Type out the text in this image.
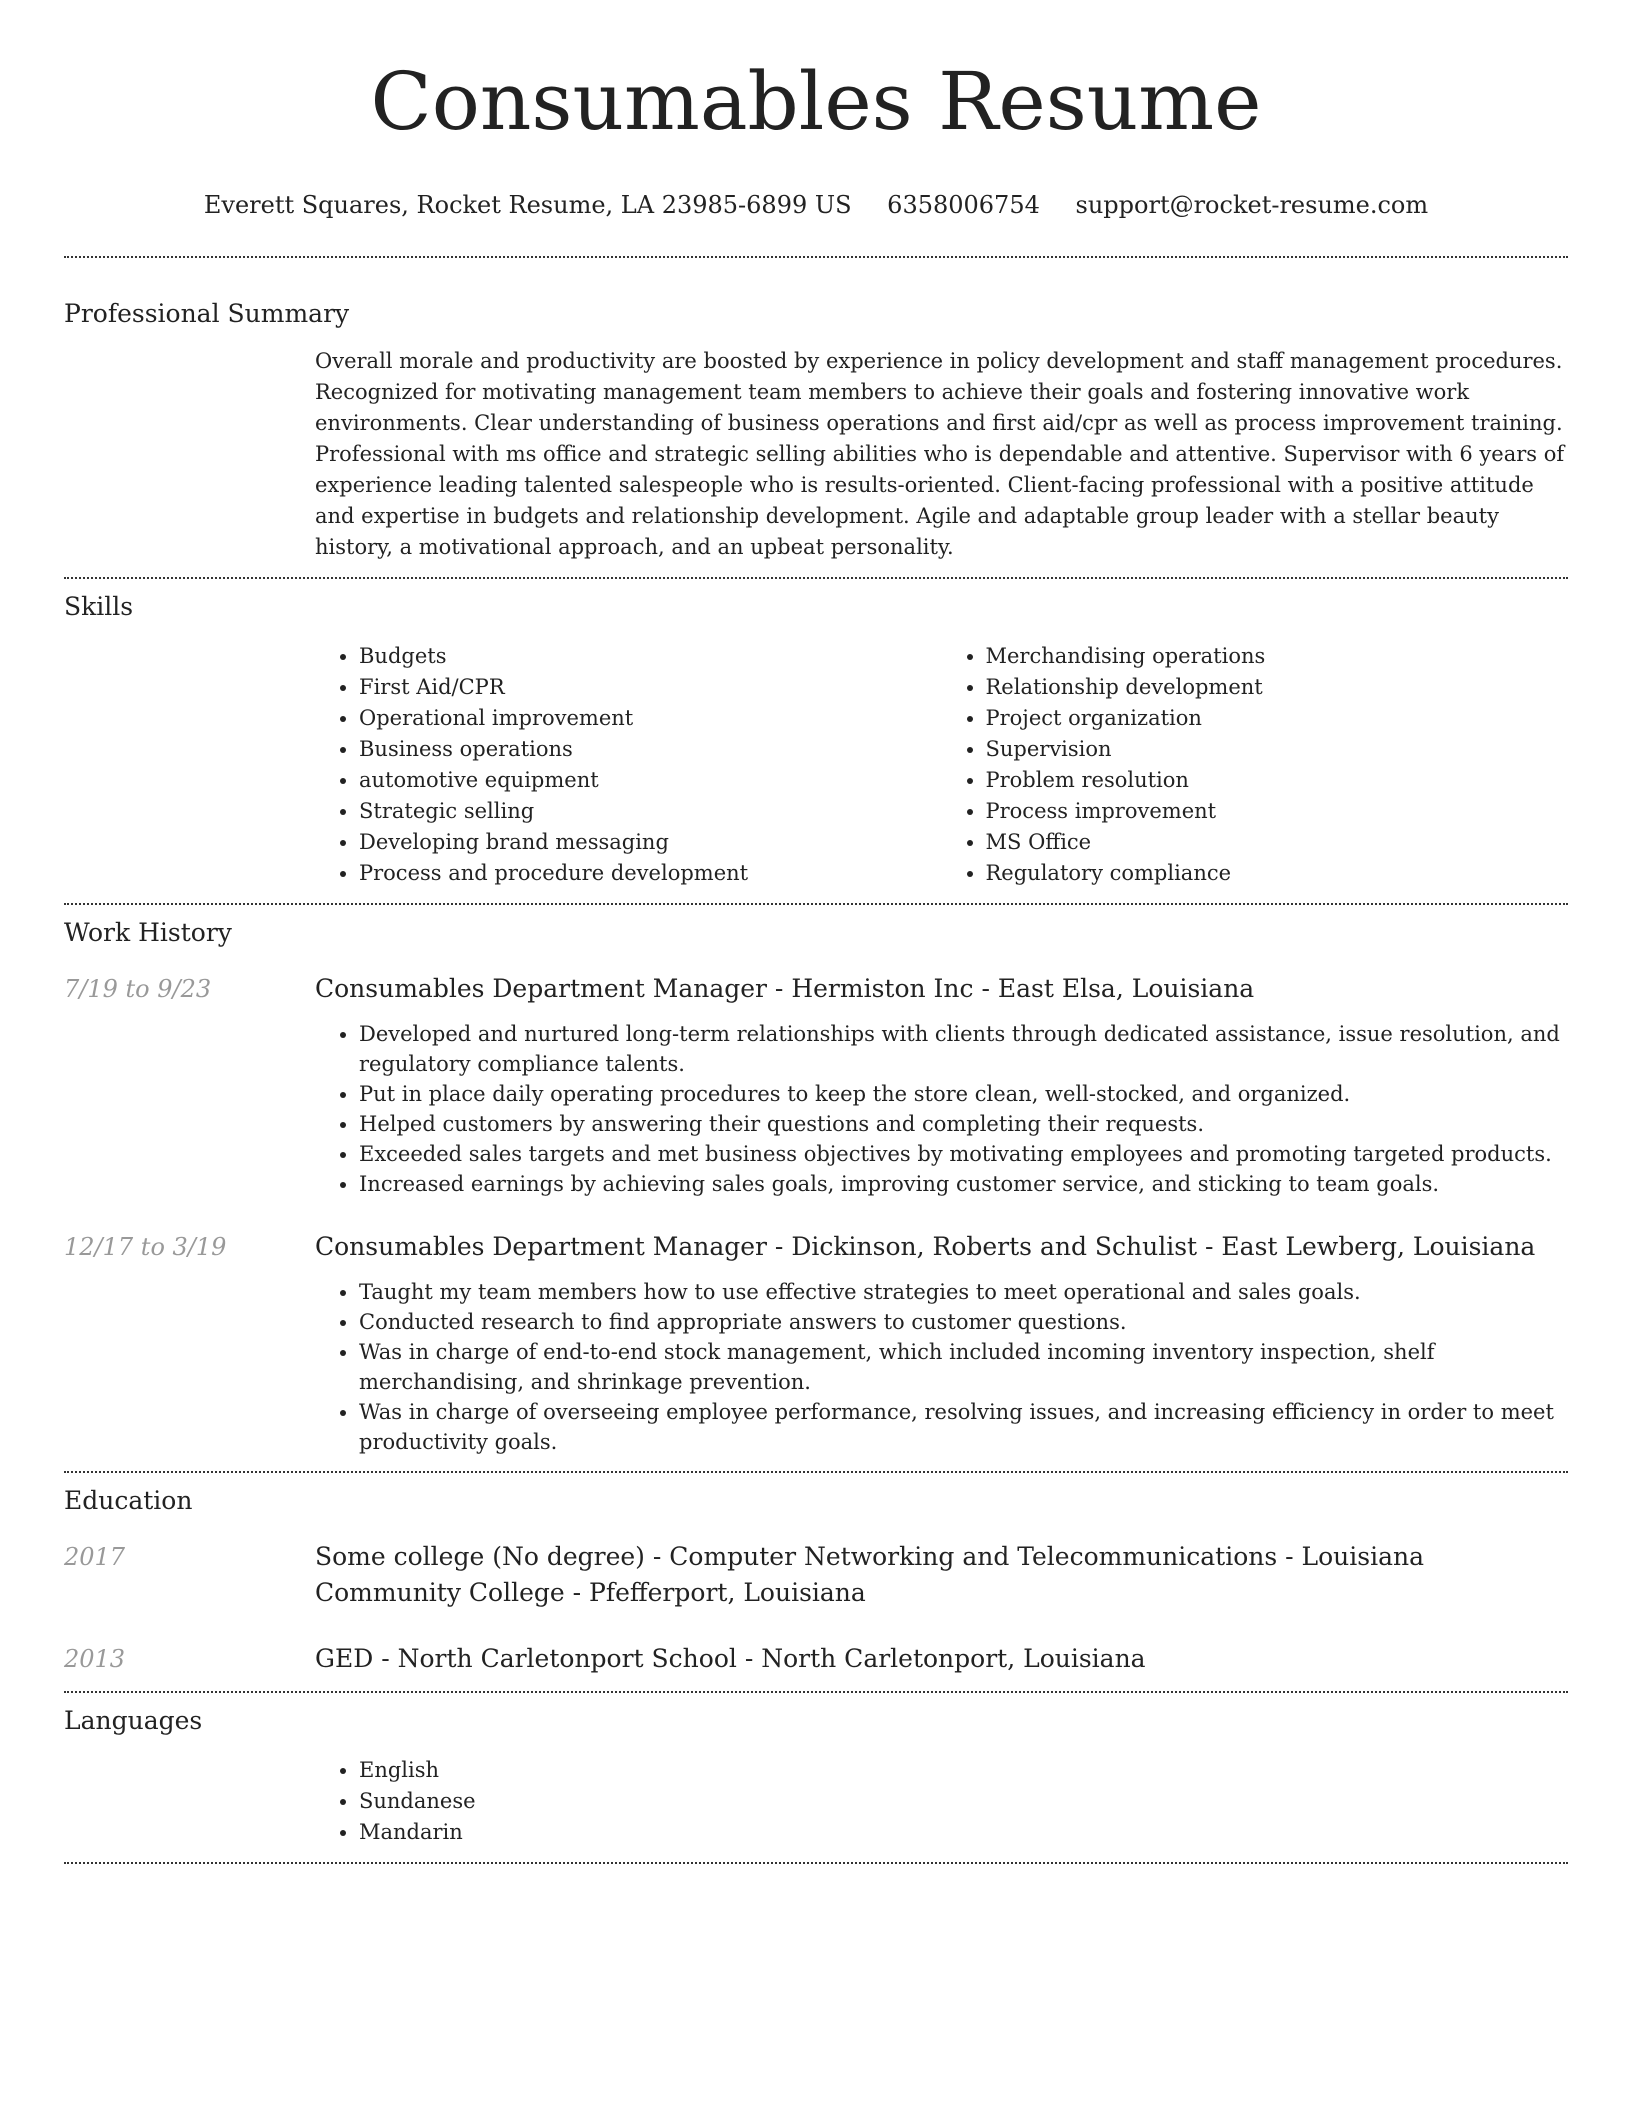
Consumables Resume
Everett Squares, Rocket Resume, LA 23985-6899 US 6358006754 support@rocket-resume.com
Professional Summary
Overall morale and productivity are boosted by experience in policy development and staff management procedures. Recognized for motivating management team members to achieve their goals and fostering innovative work environments. Clear understanding of business operations and first aid/cpr as well as process improvement training. Professional with ms office and strategic selling abilities who is dependable and attentive. Supervisor with 6 years of experience leading talented salespeople who is results-oriented. Client-facing professional with a positive attitude and expertise in budgets and relationship development. Agile and adaptable group leader with a stellar beauty history, a motivational approach, and an upbeat personality.
Skills
• Budgets
• First Aid/CPR
• Operational improvement
• Business operations
• automotive equipment
• Strategic selling
• Developing brand messaging
• Process and procedure development
• Merchandising operations
• Relationship development
• Project organization
• Supervision
• Problem resolution
• Process improvement
• MS Office
• Regulatory compliance
Work History
7/19 to 9/23	Consumables Department Manager - Hermiston Inc - East Elsa, Louisiana
• Developed and nurtured long-term relationships with clients through dedicated assistance, issue resolution, and regulatory compliance talents.
• Put in place daily operating procedures to keep the store clean, well-stocked, and organized.
• Helped customers by answering their questions and completing their requests.
• Exceeded sales targets and met business objectives by motivating employees and promoting targeted products.
• Increased earnings by achieving sales goals, improving customer service, and sticking to team goals.
12/17 to 3/19	Consumables Department Manager - Dickinson, Roberts and Schulist - East Lewberg, Louisiana
• Taught my team members how to use effective strategies to meet operational and sales goals.
• Conducted research to find appropriate answers to customer questions.
• Was in charge of end-to-end stock management, which included incoming inventory inspection, shelf merchandising, and shrinkage prevention.
• Was in charge of overseeing employee performance, resolving issues, and increasing efficiency in order to meet productivity goals.
Education
2017	Some college (No degree) - Computer Networking and Telecommunications - Louisiana Community College - Pfefferport, Louisiana
2013	GED - North Carletonport School - North Carletonport, Louisiana
Languages
• English
• Sundanese
• Mandarin
